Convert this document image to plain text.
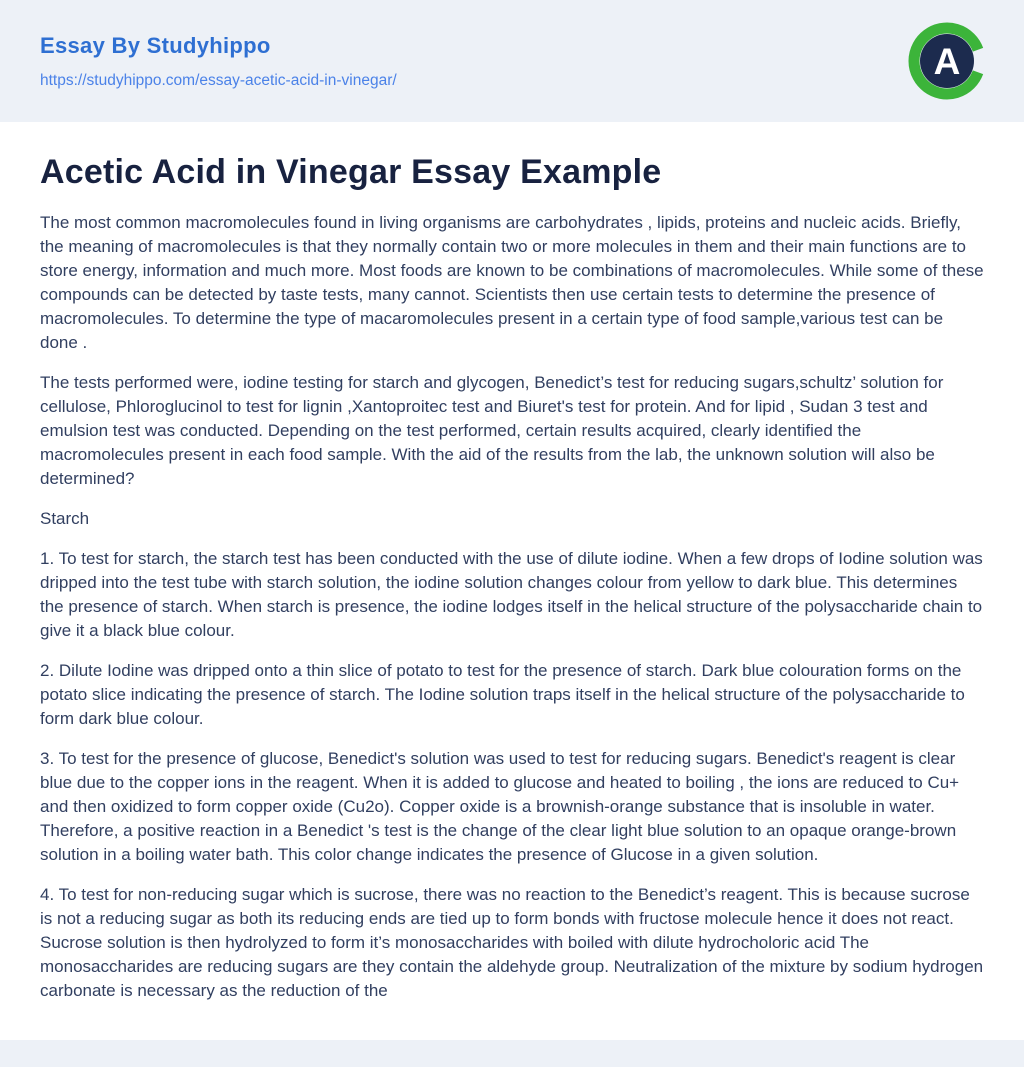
Essay By Studyhippo
https://studyhippo.com/essay-acetic-acid-in-vinegar/	A
Acetic Acid in Vinegar Essay Example

The most common macromolecules found in living organisms are carbohydrates , lipids, proteins and nucleic acids. Briefly, the meaning of macromolecules is that they normally contain two or more molecules in them and their main functions are to store energy, information and much more. Most foods are known to be combinations of macromolecules. While some of these compounds can be detected by taste tests, many cannot. Scientists then use certain tests to determine the presence of macromolecules. To determine the type of macaromolecules present in a certain type of food sample,various test can be done .

The tests performed were, iodine testing for starch and glycogen, Benedict’s test for reducing sugars,schultz’ solution for cellulose, Phloroglucinol to test for lignin ,Xantoproitec test and Biuret's test for protein. And for lipid , Sudan 3 test and emulsion test was conducted. Depending on the test performed, certain results acquired, clearly identified the macromolecules present in each food sample. With the aid of the results from the lab, the unknown solution will also be determined?

Starch

1. To test for starch, the starch test has been conducted with the use of dilute iodine. When a few drops of Iodine solution was dripped into the test tube with starch solution, the iodine solution changes colour from yellow to dark blue. This determines the presence of starch. When starch is presence, the iodine lodges itself in the helical structure of the polysaccharide chain to give it a black blue colour.

2. Dilute Iodine was dripped onto a thin slice of potato to test for the presence of starch. Dark blue colouration forms on the potato slice indicating the presence of starch. The Iodine solution traps itself in the helical structure of the polysaccharide to form dark blue colour.

3. To test for the presence of glucose, Benedict's solution was used to test for reducing sugars. Benedict's reagent is clear blue due to the copper ions in the reagent. When it is added to glucose and heated to boiling , the ions are reduced to Cu+ and then oxidized to form copper oxide (Cu2o). Copper oxide is a brownish-orange substance that is insoluble in water. Therefore, a positive reaction in a Benedict 's test is the change of the clear light blue solution to an opaque orange-brown solution in a boiling water bath. This color change indicates the presence of Glucose in a given solution.

4. To test for non-reducing sugar which is sucrose, there was no reaction to the Benedict’s reagent. This is because sucrose is not a reducing sugar as both its reducing ends are tied up to form bonds with fructose molecule hence it does not react. Sucrose solution is then hydrolyzed to form it’s monosaccharides with boiled with dilute hydrocholoric acid The monosaccharides are reducing sugars are they contain the aldehyde group. Neutralization of the mixture by sodium hydrogen carbonate is necessary as the reduction of the
